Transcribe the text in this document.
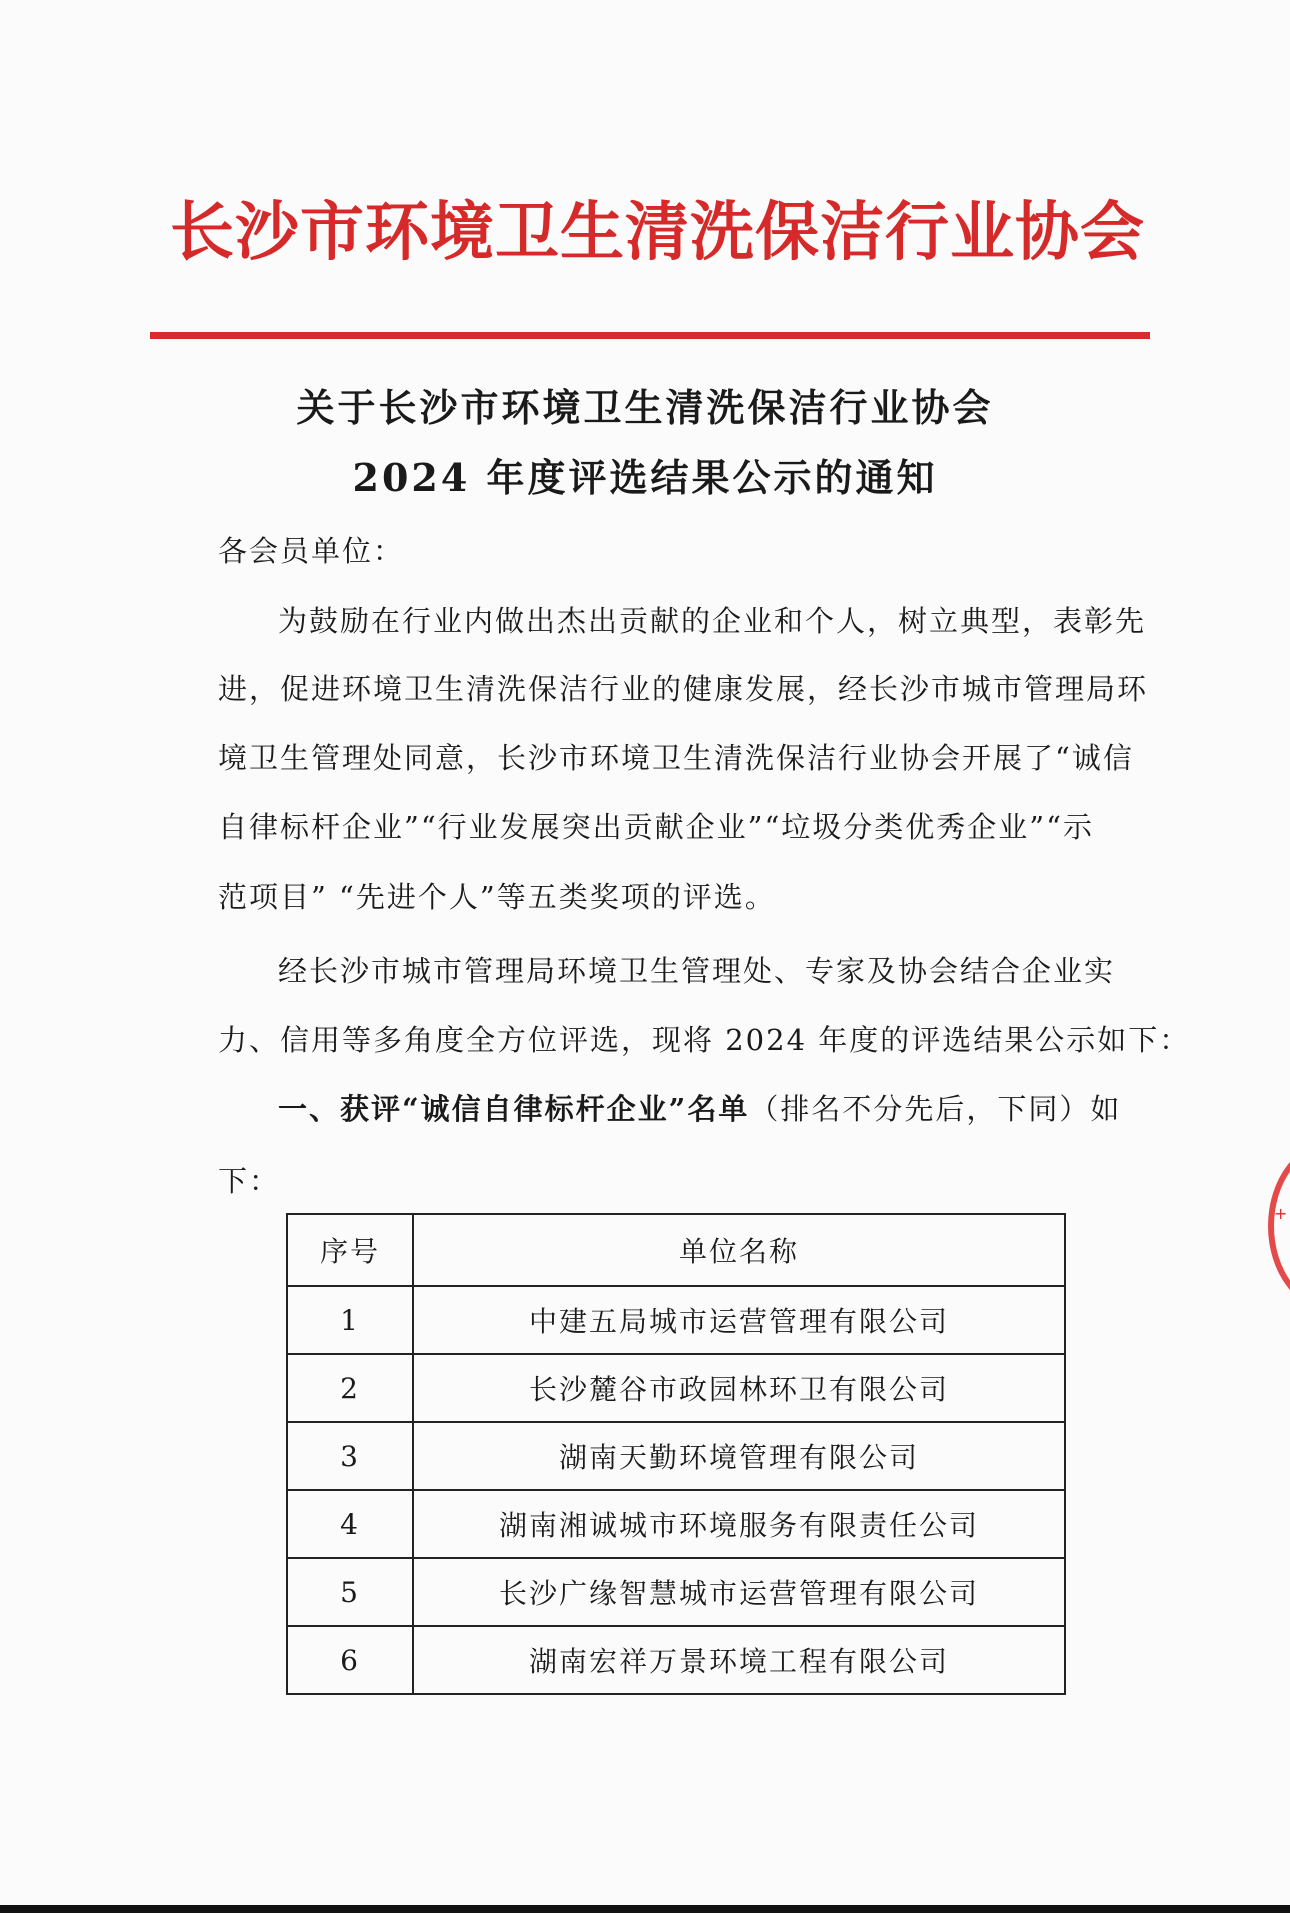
长沙市环境卫生清洗保洁行业协会
关于长沙市环境卫生清洗保洁行业协会
2024 年度评选结果公示的通知
各会员单位：
为鼓励在行业内做出杰出贡献的企业和个人，树立典型，表彰先
进，促进环境卫生清洗保洁行业的健康发展，经长沙市城市管理局环
境卫生管理处同意，长沙市环境卫生清洗保洁行业协会开展了“诚信
自律标杆企业”“行业发展突出贡献企业”“垃圾分类优秀企业”“示
范项目” “先进个人”等五类奖项的评选。
经长沙市城市管理局环境卫生管理处、专家及协会结合企业实
力、信用等多角度全方位评选，现将 2024 年度的评选结果公示如下：
一、获评“诚信自律标杆企业”名单（排名不分先后，下同）如
下：
序号	单位名称
1	中建五局城市运营管理有限公司
2	长沙麓谷市政园林环卫有限公司
3	湖南天勤环境管理有限公司
4	湖南湘诚城市环境服务有限责任公司
5	长沙广缘智慧城市运营管理有限公司
6	湖南宏祥万景环境工程有限公司
+
